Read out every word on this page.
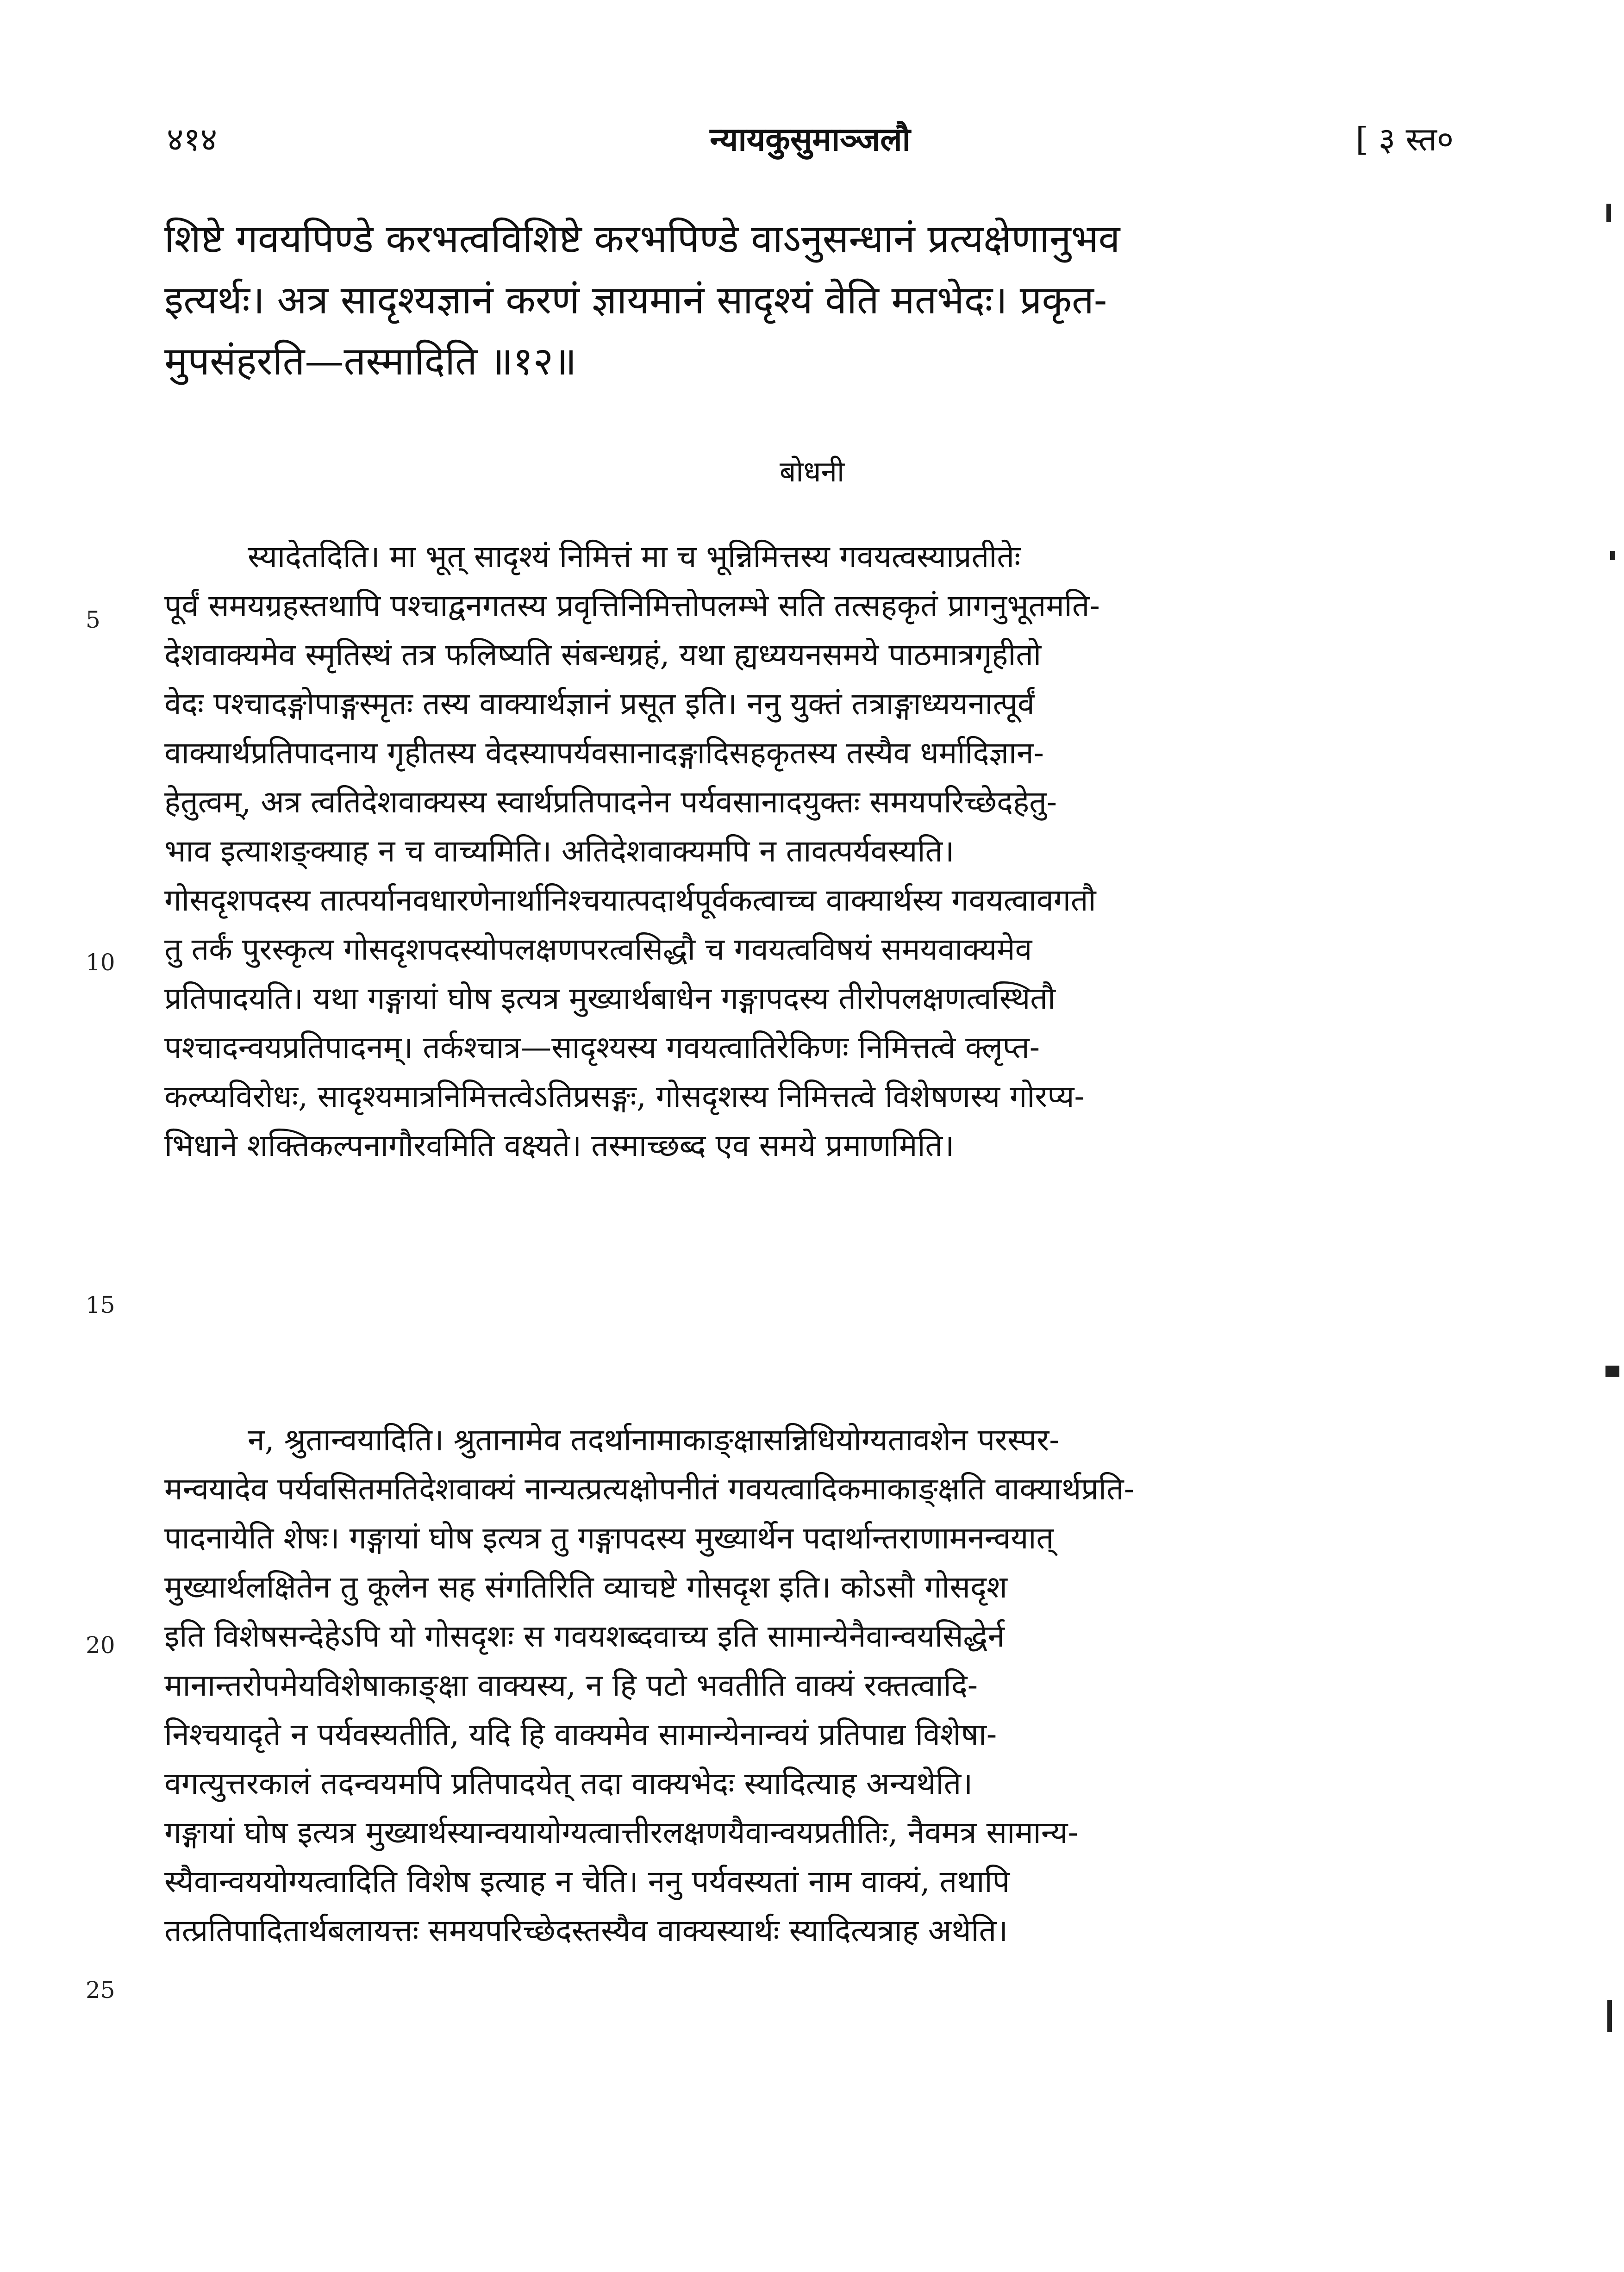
४१४	न्यायकुसुमाञ्जलौ	[ ३ स्त०
शिष्टे गवयपिण्डे करभत्वविशिष्टे करभपिण्डे वाऽनुसन्धानं प्रत्यक्षेणानुभव
इत्यर्थः। अत्र सादृश्यज्ञानं करणं ज्ञायमानं सादृश्यं वेति मतभेदः। प्रकृत-
मुपसंहरति—तस्मादिति ॥१२॥
बोधनी
स्यादेतदिति। मा भूत् सादृश्यं निमित्तं मा च भून्निमित्तस्य गवयत्वस्याप्रतीतेः
पूर्वं समयग्रहस्तथापि पश्चाद्वनगतस्य प्रवृत्तिनिमित्तोपलम्भे सति तत्सहकृतं प्रागनुभूतमति-
देशवाक्यमेव स्मृतिस्थं तत्र फलिष्यति संबन्धग्रहं, यथा ह्यध्ययनसमये पाठमात्रगृहीतो
वेदः पश्चादङ्गोपाङ्गस्मृतः तस्य वाक्यार्थज्ञानं प्रसूत इति। ननु युक्तं तत्राङ्गाध्ययनात्पूर्वं
वाक्यार्थप्रतिपादनाय गृहीतस्य वेदस्यापर्यवसानादङ्गादिसहकृतस्य तस्यैव धर्मादिज्ञान-
हेतुत्वम्, अत्र त्वतिदेशवाक्यस्य स्वार्थप्रतिपादनेन पर्यवसानादयुक्तः समयपरिच्छेदहेतु-
भाव इत्याशङ्क्याह न च वाच्यमिति। अतिदेशवाक्यमपि न तावत्पर्यवस्यति।
गोसदृशपदस्य तात्पर्यानवधारणेनार्थानिश्चयात्पदार्थपूर्वकत्वाच्च वाक्यार्थस्य गवयत्वावगतौ
तु तर्कं पुरस्कृत्य गोसदृशपदस्योपलक्षणपरत्वसिद्धौ च गवयत्वविषयं समयवाक्यमेव
प्रतिपादयति। यथा गङ्गायां घोष इत्यत्र मुख्यार्थबाधेन गङ्गापदस्य तीरोपलक्षणत्वस्थितौ
पश्चादन्वयप्रतिपादनम्। तर्कश्चात्र—सादृश्यस्य गवयत्वातिरेकिणः निमित्तत्वे क्लृप्त-
कल्प्यविरोधः, सादृश्यमात्रनिमित्तत्वेऽतिप्रसङ्गः, गोसदृशस्य निमित्तत्वे विशेषणस्य गोरप्य-
भिधाने शक्तिकल्पनागौरवमिति वक्ष्यते। तस्माच्छब्द एव समये प्रमाणमिति।
न, श्रुतान्वयादिति। श्रुतानामेव तदर्थानामाकाङ्क्षासन्निधियोग्यतावशेन परस्पर-
मन्वयादेव पर्यवसितमतिदेशवाक्यं नान्यत्प्रत्यक्षोपनीतं गवयत्वादिकमाकाङ्क्षति वाक्यार्थप्रति-
पादनायेति शेषः। गङ्गायां घोष इत्यत्र तु गङ्गापदस्य मुख्यार्थेन पदार्थान्तराणामनन्वयात्
मुख्यार्थलक्षितेन तु कूलेन सह संगतिरिति व्याचष्टे गोसदृश इति। कोऽसौ गोसदृश
इति विशेषसन्देहेऽपि यो गोसदृशः स गवयशब्दवाच्य इति सामान्येनैवान्वयसिद्धेर्न
मानान्तरोपमेयविशेषाकाङ्क्षा वाक्यस्य, न हि पटो भवतीति वाक्यं रक्तत्वादि-
निश्चयादृते न पर्यवस्यतीति, यदि हि वाक्यमेव सामान्येनान्वयं प्रतिपाद्य विशेषा-
वगत्युत्तरकालं तदन्वयमपि प्रतिपादयेत् तदा वाक्यभेदः स्यादित्याह अन्यथेति।
गङ्गायां घोष इत्यत्र मुख्यार्थस्यान्वयायोग्यत्वात्तीरलक्षणयैवान्वयप्रतीतिः, नैवमत्र सामान्य-
स्यैवान्वययोग्यत्वादिति विशेष इत्याह न चेति। ननु पर्यवस्यतां नाम वाक्यं, तथापि
तत्प्रतिपादितार्थबलायत्तः समयपरिच्छेदस्तस्यैव वाक्यस्यार्थः स्यादित्यत्राह अथेति।
5
10
15
20
25
